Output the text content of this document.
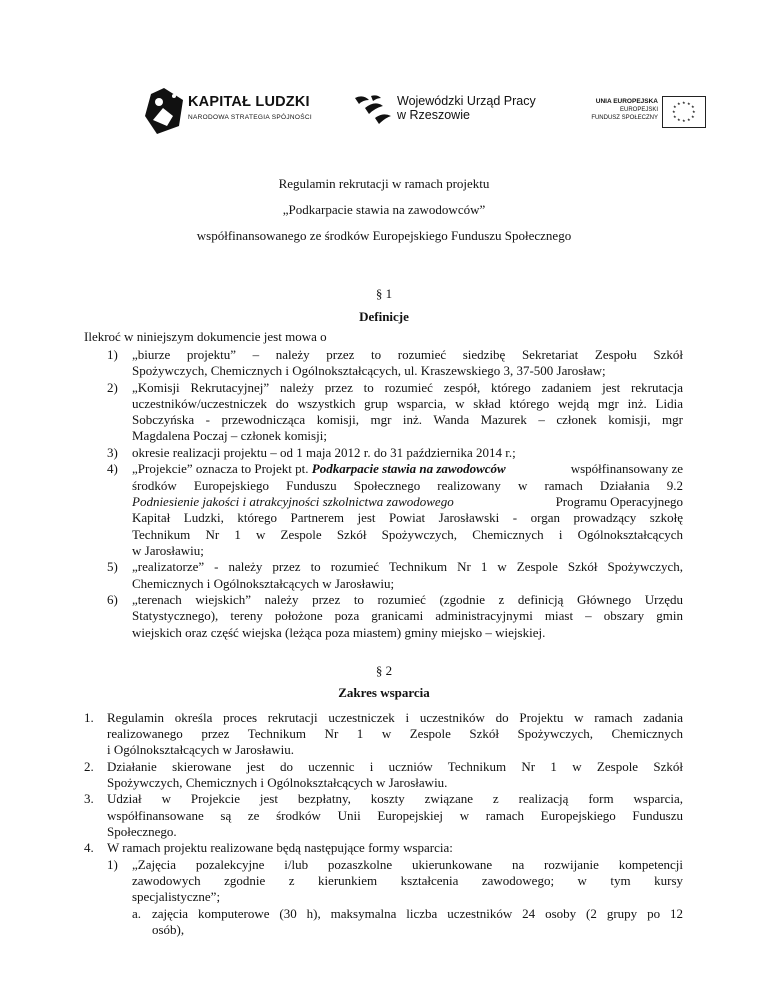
KAPITAŁ LUDZKI
NARODOWA STRATEGIA SPÓJNOŚCI
Wojewódzki Urząd Pracy
w Rzeszowie
UNIA EUROPEJSKA
EUROPEJSKI
FUNDUSZ SPOŁECZNY
★ ★
★
★
★
★
★
★
★
★
★
★
Regulamin rekrutacji w ramach projektu
„Podkarpacie stawia na zawodowców”
współfinansowanego ze środków Europejskiego Funduszu Społecznego
§ 1
Definicje
Ilekroć w niniejszym dokumencie jest mowa o
1) „biurze projektu” – należy przez to rozumieć siedzibę Sekretariat Zespołu Szkół
Spożywczych, Chemicznych i Ogólnokształcących, ul. Kraszewskiego 3, 37-500 Jarosław;
2) „Komisji Rekrutacyjnej” należy przez to rozumieć zespół, którego zadaniem jest rekrutacja
uczestników/uczestniczek do wszystkich grup wsparcia, w skład którego wejdą mgr inż. Lidia
Sobczyńska - przewodnicząca komisji, mgr inż. Wanda Mazurek – członek komisji, mgr
Magdalena Poczaj – członek komisji;
3) okresie realizacji projektu – od 1 maja 2012 r. do 31 października 2014 r.;
4) „Projekcie” oznacza to Projekt pt. Podkarpacie stawia na zawodowców	współfinansowany ze
środków Europejskiego Funduszu Społecznego realizowany w ramach Działania 9.2
Podniesienie jakości i atrakcyjności szkolnictwa zawodowego	Programu Operacyjnego
Kapitał Ludzki, którego Partnerem jest Powiat Jarosławski - organ prowadzący szkołę
Technikum Nr 1 w Zespole Szkół Spożywczych, Chemicznych i Ogólnokształcących
w Jarosławiu;
5) „realizatorze” - należy przez to rozumieć Technikum Nr 1 w Zespole Szkół Spożywczych,
Chemicznych i Ogólnokształcących w Jarosławiu;
6) „terenach wiejskich” należy przez to rozumieć (zgodnie z definicją Głównego Urzędu
Statystycznego), tereny położone poza granicami administracyjnymi miast – obszary gmin
wiejskich oraz część wiejska (leżąca poza miastem) gminy miejsko – wiejskiej.
§ 2
Zakres wsparcia
1. Regulamin określa proces rekrutacji uczestniczek i uczestników do Projektu w ramach zadania
realizowanego przez Technikum Nr 1 w Zespole Szkół Spożywczych, Chemicznych
i Ogólnokształcących w Jarosławiu.
2. Działanie skierowane jest do uczennic i uczniów Technikum Nr 1 w Zespole Szkół
Spożywczych, Chemicznych i Ogólnokształcących w Jarosławiu.
3. Udział w Projekcie jest bezpłatny, koszty związane z realizacją form wsparcia,
współfinansowane są ze środków Unii Europejskiej w ramach Europejskiego Funduszu
Społecznego.
4. W ramach projektu realizowane będą następujące formy wsparcia:
1) „Zajęcia pozalekcyjne i/lub pozaszkolne ukierunkowane na rozwijanie kompetencji
zawodowych zgodnie z kierunkiem kształcenia zawodowego; w tym kursy
specjalistyczne”;
a. zajęcia komputerowe (30 h), maksymalna liczba uczestników 24 osoby (2 grupy po 12
osób),
